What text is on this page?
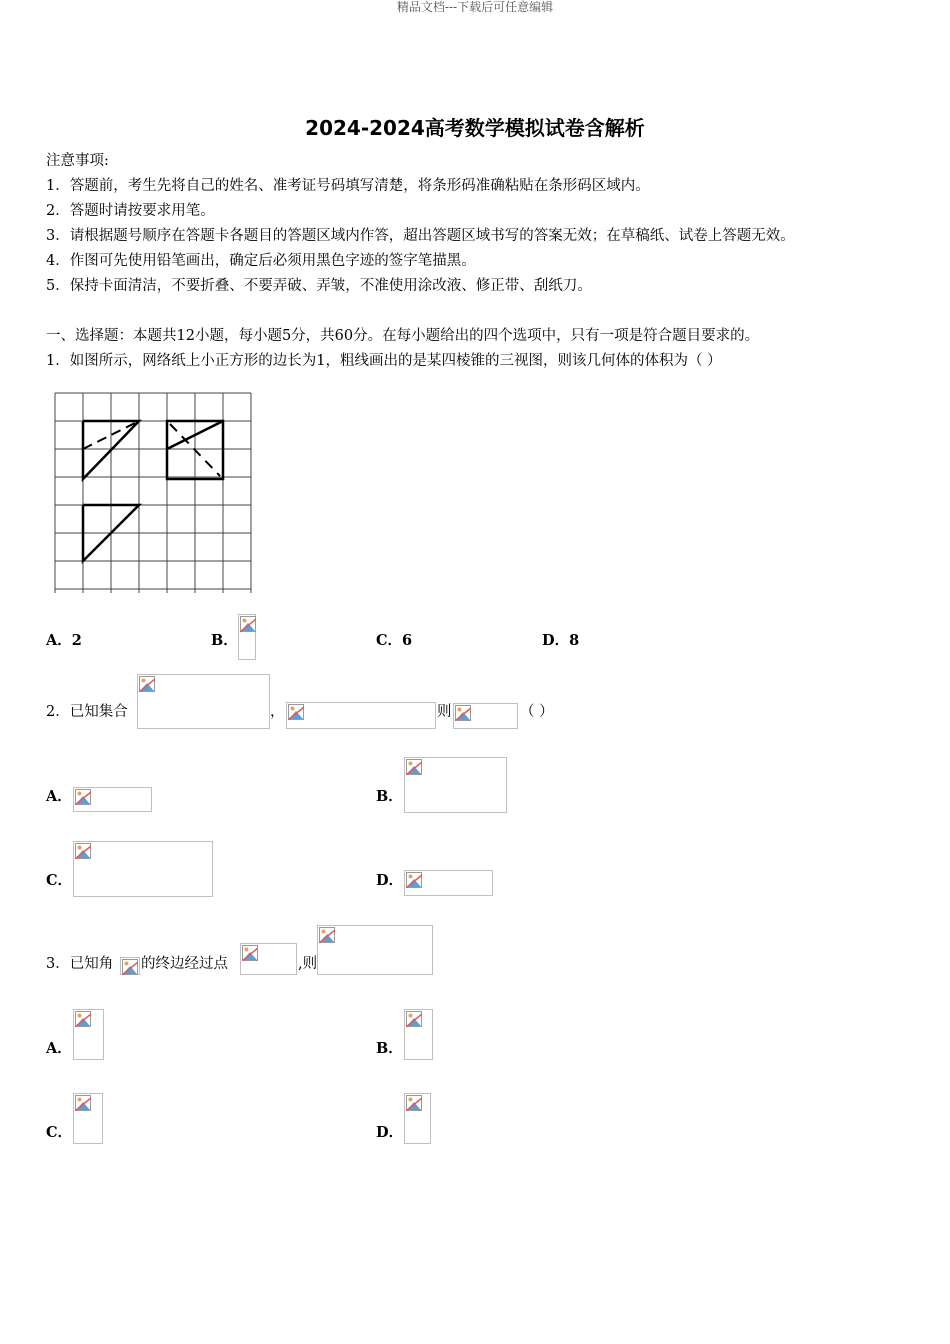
精品文档---下载后可任意编辑
2024-2024高考数学模拟试卷含解析
注意事项:
1．答题前，考生先将自己的姓名、准考证号码填写清楚，将条形码准确粘贴在条形码区域内。
2．答题时请按要求用笔。
3．请根据题号顺序在答题卡各题目的答题区域内作答，超出答题区域书写的答案无效；在草稿纸、试卷上答题无效。
4．作图可先使用铅笔画出，确定后必须用黑色字迹的签字笔描黑。
5．保持卡面清洁，不要折叠、不要弄破、弄皱，不准使用涂改液、修正带、刮纸刀。
一、选择题：本题共12小题，每小题5分，共60分。在每小题给出的四个选项中，只有一项是符合题目要求的。
1．如图所示，网络纸上小正方形的边长为1，粗线画出的是某四棱锥的三视图，则该几何体的体积为（ ）
A．2	B．	C．6	D．8
2．已知集合	，	则	（ ）
A．	B．
C．	D．
3．已知角 的终边经过点	,则
A．	B．
C．	D．
